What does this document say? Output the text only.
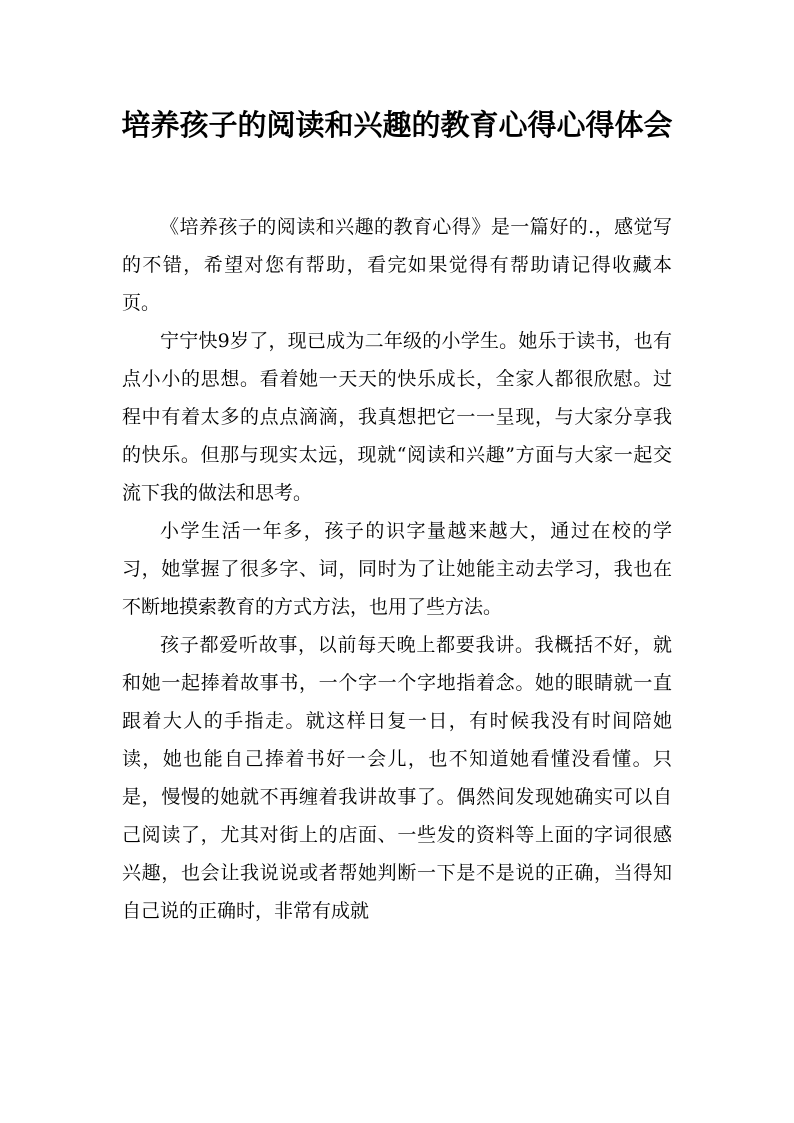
培养孩子的阅读和兴趣的教育心得心得体会

《培养孩子的阅读和兴趣的教育心得》是一篇好的.，感觉写的不错，希望对您有帮助，看完如果觉得有帮助请记得收藏本页。

宁宁快9岁了，现已成为二年级的小学生。她乐于读书，也有点小小的思想。看着她一天天的快乐成长，全家人都很欣慰。过程中有着太多的点点滴滴，我真想把它一一呈现，与大家分享我的快乐。但那与现实太远，现就“阅读和兴趣”方面与大家一起交流下我的做法和思考。

小学生活一年多，孩子的识字量越来越大，通过在校的学习，她掌握了很多字、词，同时为了让她能主动去学习，我也在不断地摸索教育的方式方法，也用了些方法。

孩子都爱听故事，以前每天晚上都要我讲。我概括不好，就和她一起捧着故事书，一个字一个字地指着念。她的眼睛就一直跟着大人的手指走。就这样日复一日，有时候我没有时间陪她读，她也能自己捧着书好一会儿，也不知道她看懂没看懂。只是，慢慢的她就不再缠着我讲故事了。偶然间发现她确实可以自己阅读了，尤其对街上的店面、一些发的资料等上面的字词很感兴趣，也会让我说说或者帮她判断一下是不是说的正确，当得知自己说的正确时，非常有成就
